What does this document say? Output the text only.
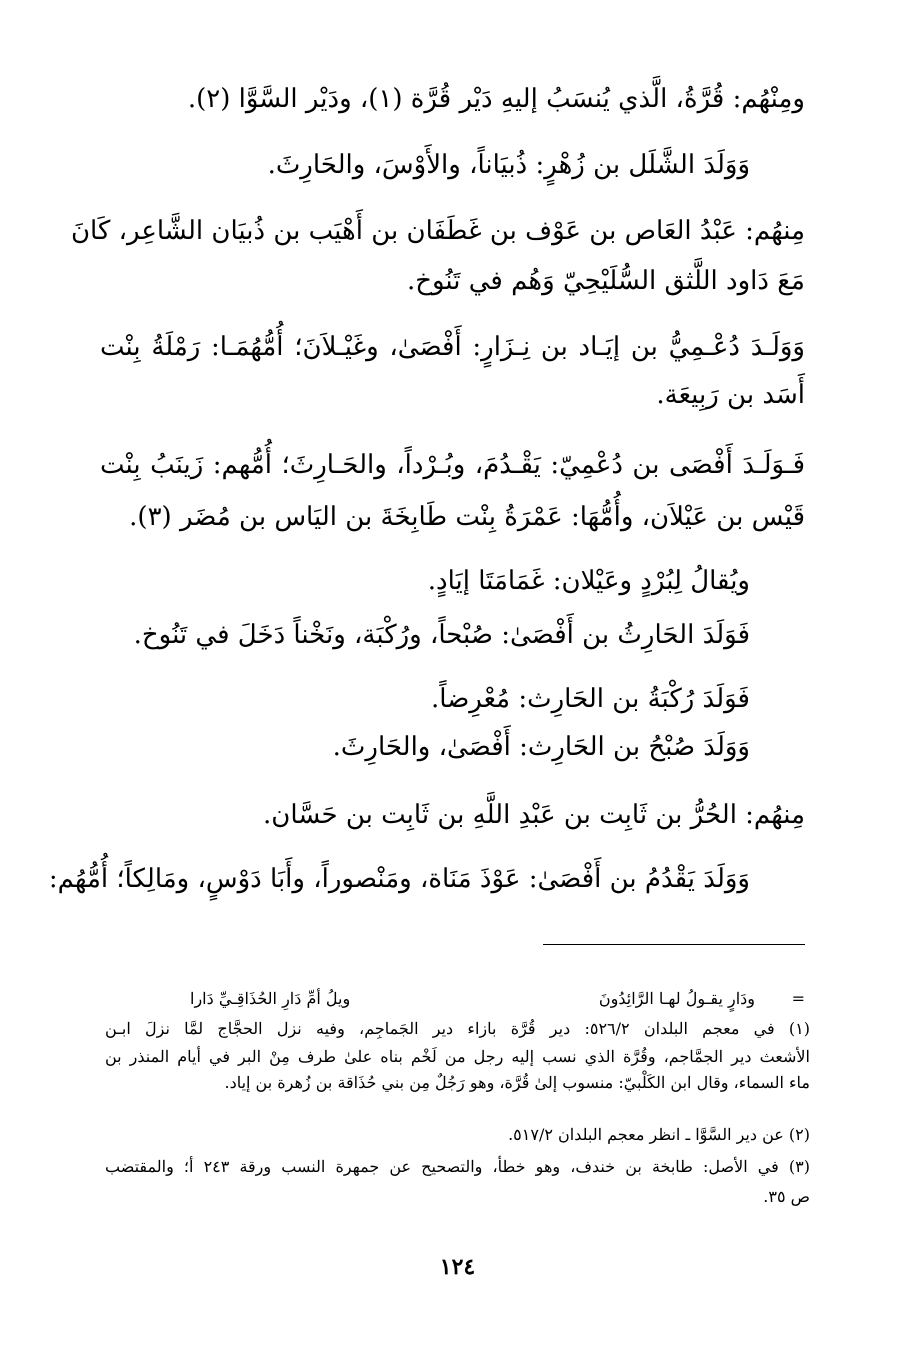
ومِنْهُم: قُرَّةُ، الَّذي يُنسَبُ إليهِ دَيْر قُرَّة (١)، ودَيْر السَّوَّا (٢).
وَوَلَدَ الشَّلَل بن زُهْرٍ: ذُبيَاناً، والأَوْسَ، والحَارِثَ.
مِنهُم: عَبْدُ العَاص بن عَوْف بن غَطَفَان بن أَهْيَب بن ذُبيَان الشَّاعِر، كَانَ
مَعَ دَاود اللَّثق السُّلَيْحِيّ وَهُم في تَنُوخ.
وَوَلَـدَ دُعْـمِيُّ بن إيَـاد بن نِـزَارٍ: أَفْصَىٰ، وغَيْـلاَنَ؛ أُمُّهُمَـا: رَمْلَةُ بِنْت
أَسَد بن رَبِيعَة.
فَـوَلَـدَ أَفْصَى بن دُعْمِيّ: يَقْـدُمَ، وبُـرْداً، والحَـارِثَ؛ أُمُّهم: زَينَبُ بِنْت
قَيْس بن عَيْلاَن، وأُمُّهَا: عَمْرَةُ بِنْت طَابِخَةَ بن اليَاس بن مُضَر (٣).
ويُقالُ لِبُرْدٍ وعَيْلان: غَمَامَتَا إيَادٍ.
فَوَلَدَ الحَارِثُ بن أَفْصَىٰ: صُبْحاً، ورُكْبَة، ونَخْناً دَخَلَ في تَنُوخ.
فَوَلَدَ رُكْبَةُ بن الحَارِث: مُعْرِضاً.
وَوَلَدَ صُبْحُ بن الحَارِث: أَفْصَىٰ، والحَارِثَ.
مِنهُم: الحُرُّ بن ثَابِت بن عَبْدِ اللَّهِ بن ثَابِت بن حَسَّان.
وَوَلَدَ يَقْدُمُ بن أَفْصَىٰ: عَوْذَ مَنَاة، ومَنْصوراً، وأَبَا دَوْسٍ، ومَالِكاً؛ أُمُّهُم:
=
ودَارٍ يقـولُ لهـا الرَّائِدُونَ
ويلُ أمِّ دَارِ الحُذَاقِـيِّ دَارا
(١) في معجم البلدان ٥٢٦/٢: دير قُرَّة بازاء دير الجَماجِم، وفيه نزل الحجَّاج لمَّا نزلَ ابـن
الأشعث دير الجمَّاجم، وقُرَّة الذي نسب إليه رجل من لَخْم بناه علىٰ طرف مِنْ البر في أيام المنذر بن
ماء السماء، وقال ابن الكَلْبيّ: منسوب إلىٰ قُرَّة، وهو رَجُلٌ مِن بني حُذَاقة بن زُهرة بن إياد.
(٢) عن دير السَّوَّا ـ انظر معجم البلدان ٥١٧/٢.
(٣) في الأصل: طابخة بن خندف، وهو خطأ، والتصحيح عن جمهرة النسب ورقة ٢٤٣ أ؛ والمقتضب
ص ٣٥.
١٢٤
